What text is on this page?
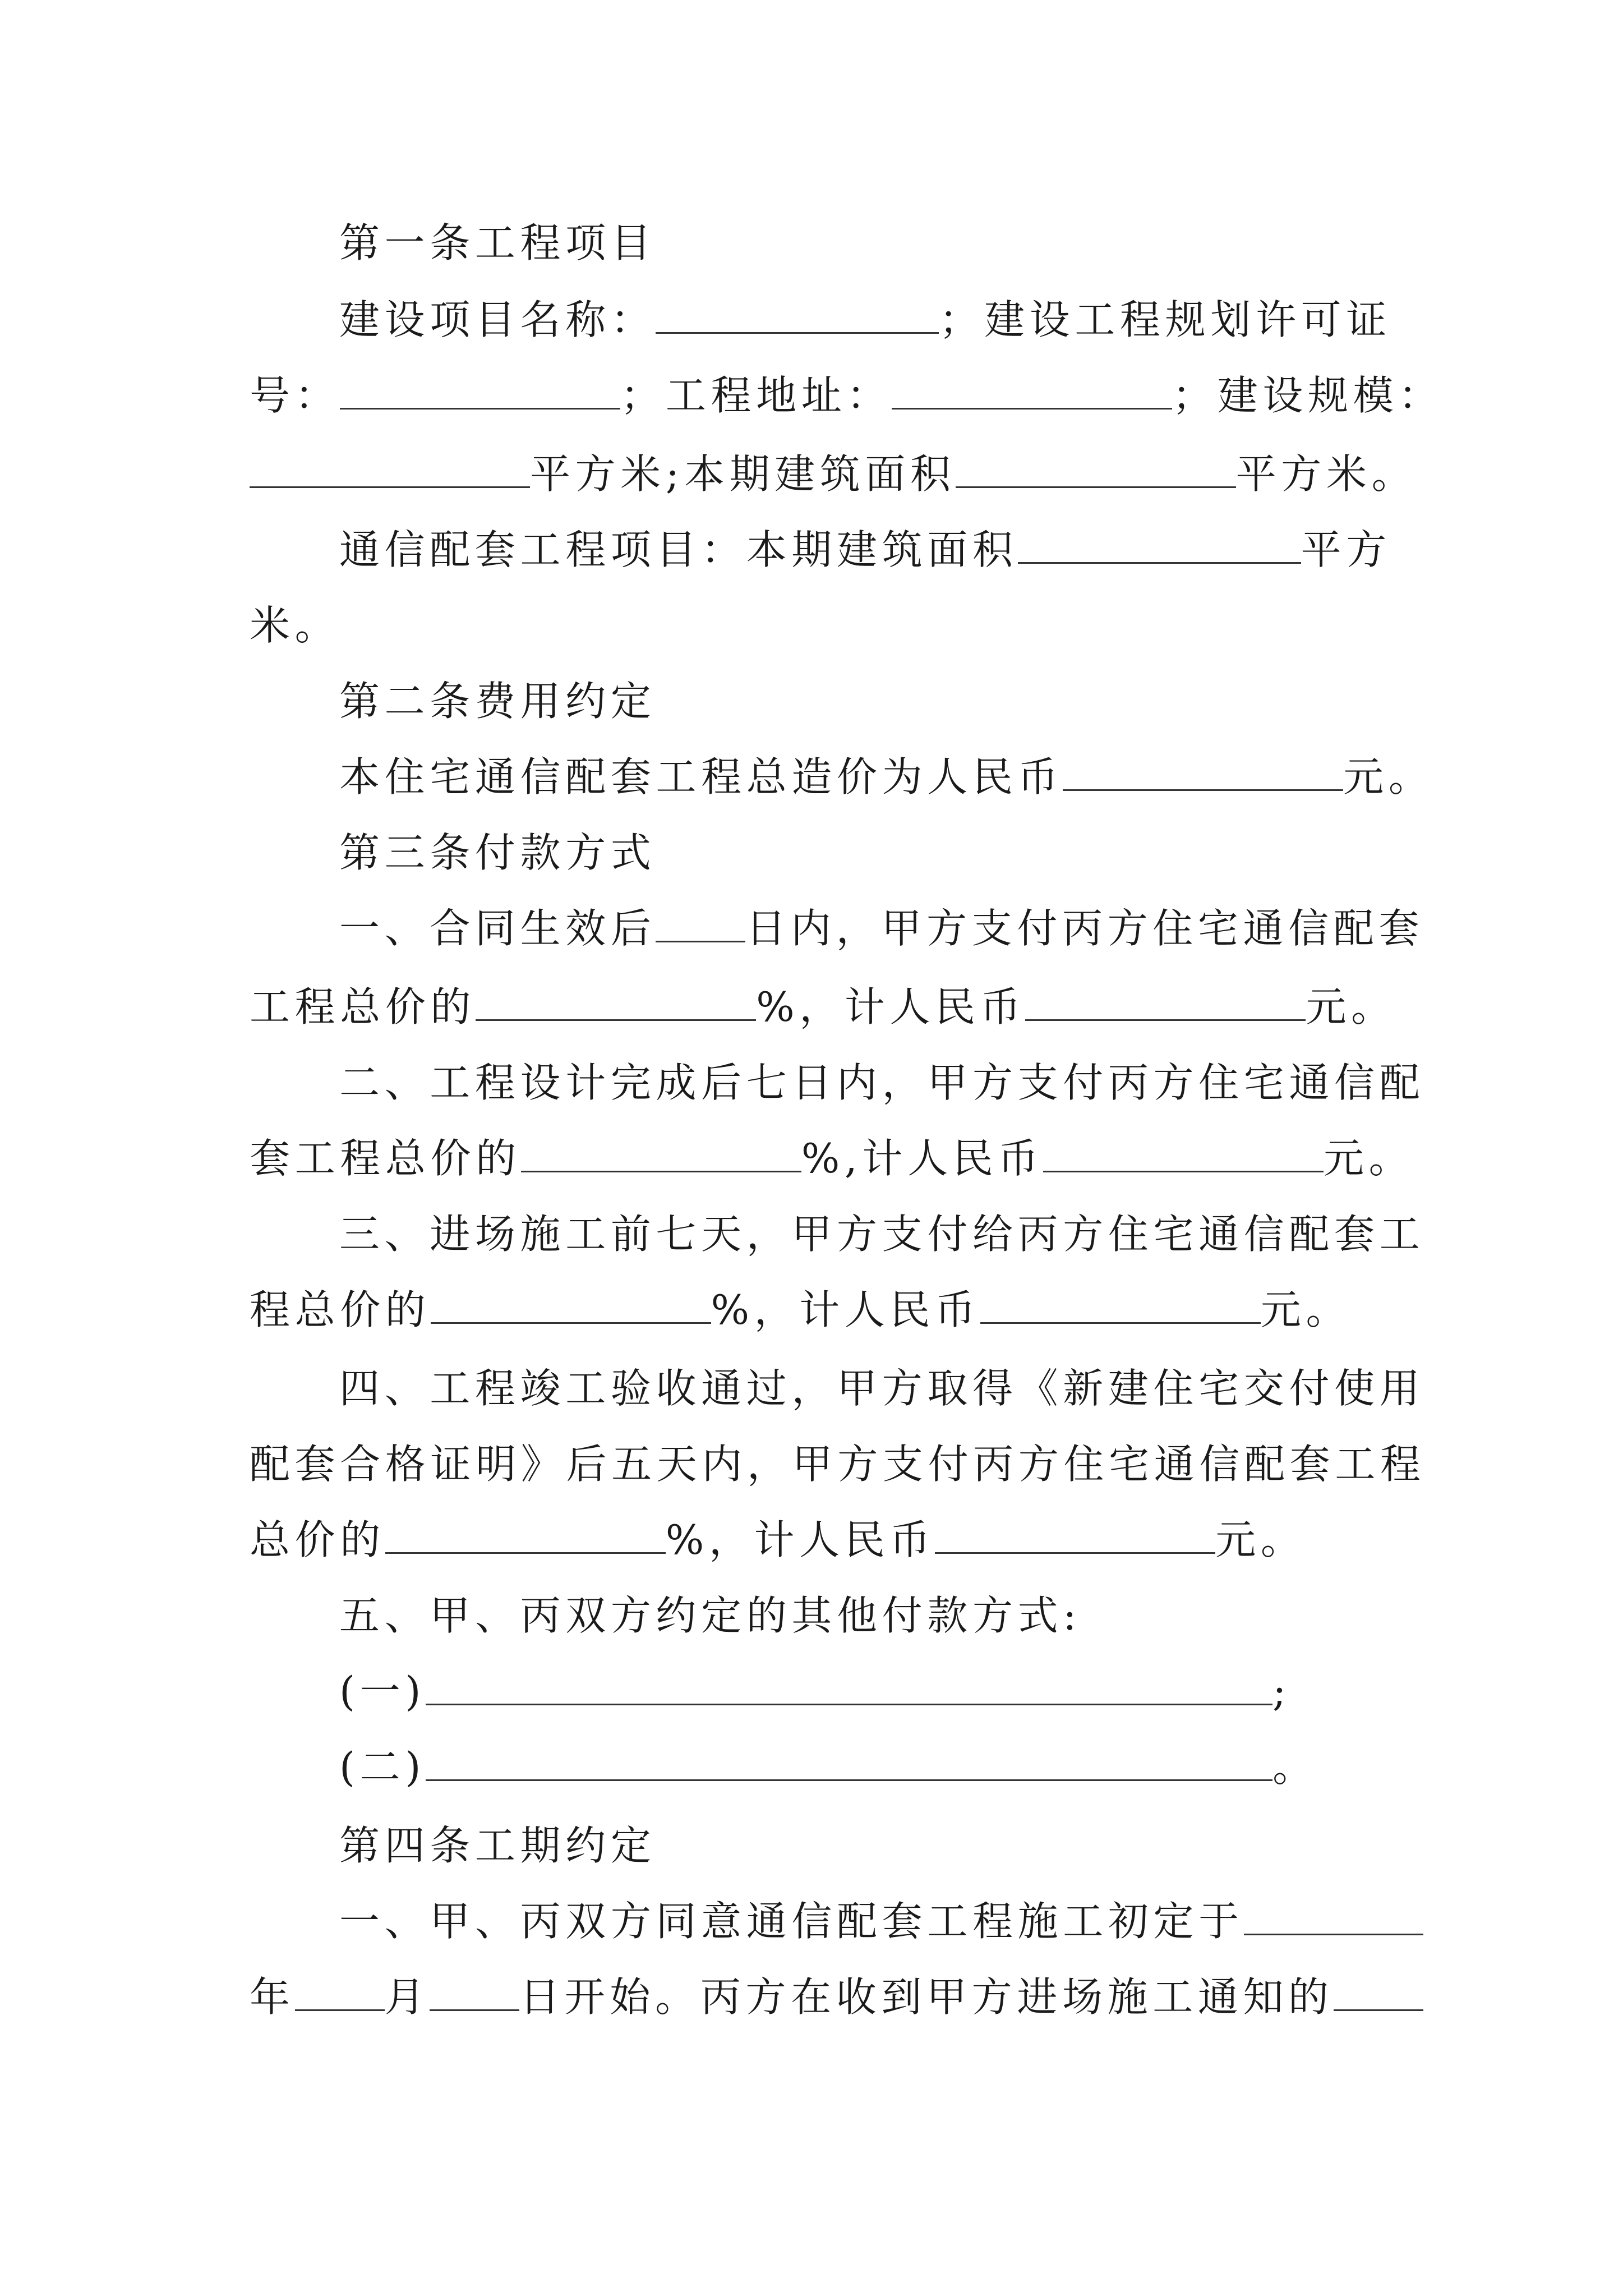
第一条工程项目
建设项目名称：	；建设工程规划许可证
号：	；工程地址：	；建设规模：
平方米;本期建筑面积	平方米。
通信配套工程项目：本期建筑面积	平方
米。
第二条费用约定
本住宅通信配套工程总造价为人民币	元。
第三条付款方式
一、合同生效后 日内，甲方支付丙方住宅通信配套
工程总价的	%，计人民币	元。
二、工程设计完成后七日内，甲方支付丙方住宅通信配
套工程总价的	%,计人民币	元。
三、进场施工前七天，甲方支付给丙方住宅通信配套工
程总价的	%，计人民币	元。
四、工程竣工验收通过，甲方取得《新建住宅交付使用
配套合格证明》后五天内，甲方支付丙方住宅通信配套工程
总价的	%，计人民币	元。
五、甲、丙双方约定的其他付款方式:
(一)	;
(二)	。
第四条工期约定
一、甲、丙双方同意通信配套工程施工初定于
年 月 日开始。丙方在收到甲方进场施工通知的
